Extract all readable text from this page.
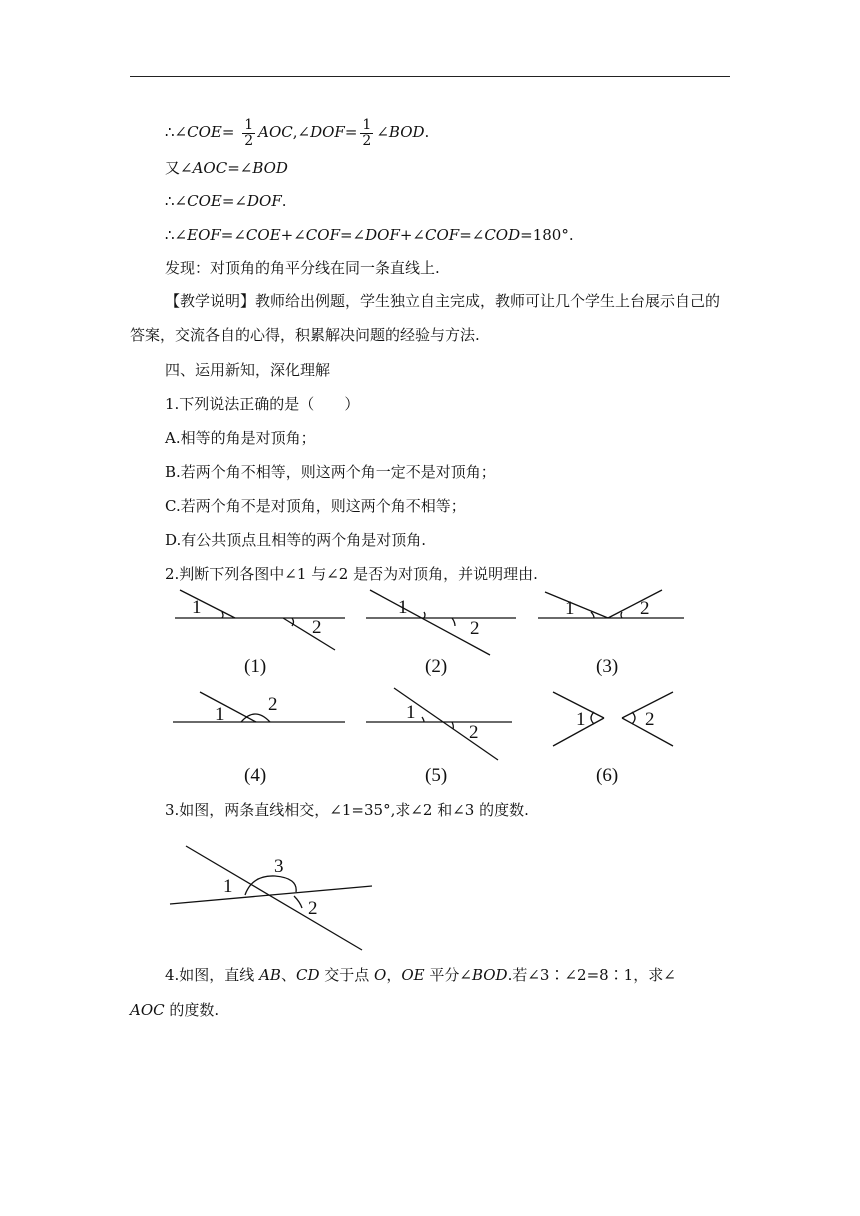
∴∠COE= $\frac{1}{2}$ AOC,∠DOF= $\frac{1}{2}$ ∠BOD.
又∠AOC=∠BOD
∴∠COE=∠DOF.
∴∠EOF=∠COE+∠COF=∠DOF+∠COF=∠COD=180°.
发现：对顶角的角平分线在同一条直线上.
【教学说明】教师给出例题，学生独立自主完成，教师可让几个学生上台展示自己的答案，交流各自的心得，积累解决问题的经验与方法.
四、运用新知，深化理解
1.下列说法正确的是（　　）
A.相等的角是对顶角；
B.若两个角不相等，则这两个角一定不是对顶角；
C.若两个角不是对顶角，则这两个角不相等；
D.有公共顶点且相等的两个角是对顶角.
2.判断下列各图中∠1 与∠2 是否为对顶角，并说明理由.
1
2
1
2
1	2
1 2	1
2
1	2
(1)	(2)	(3)
(4)	(5)	(6)
1
2
3
3.如图，两条直线相交，∠1=35°,求∠2 和∠3 的度数.
4.如图，直线 AB、CD 交于点 O，OE 平分∠BOD.若∠3∶∠2=8∶1，求∠
AOC 的度数.
